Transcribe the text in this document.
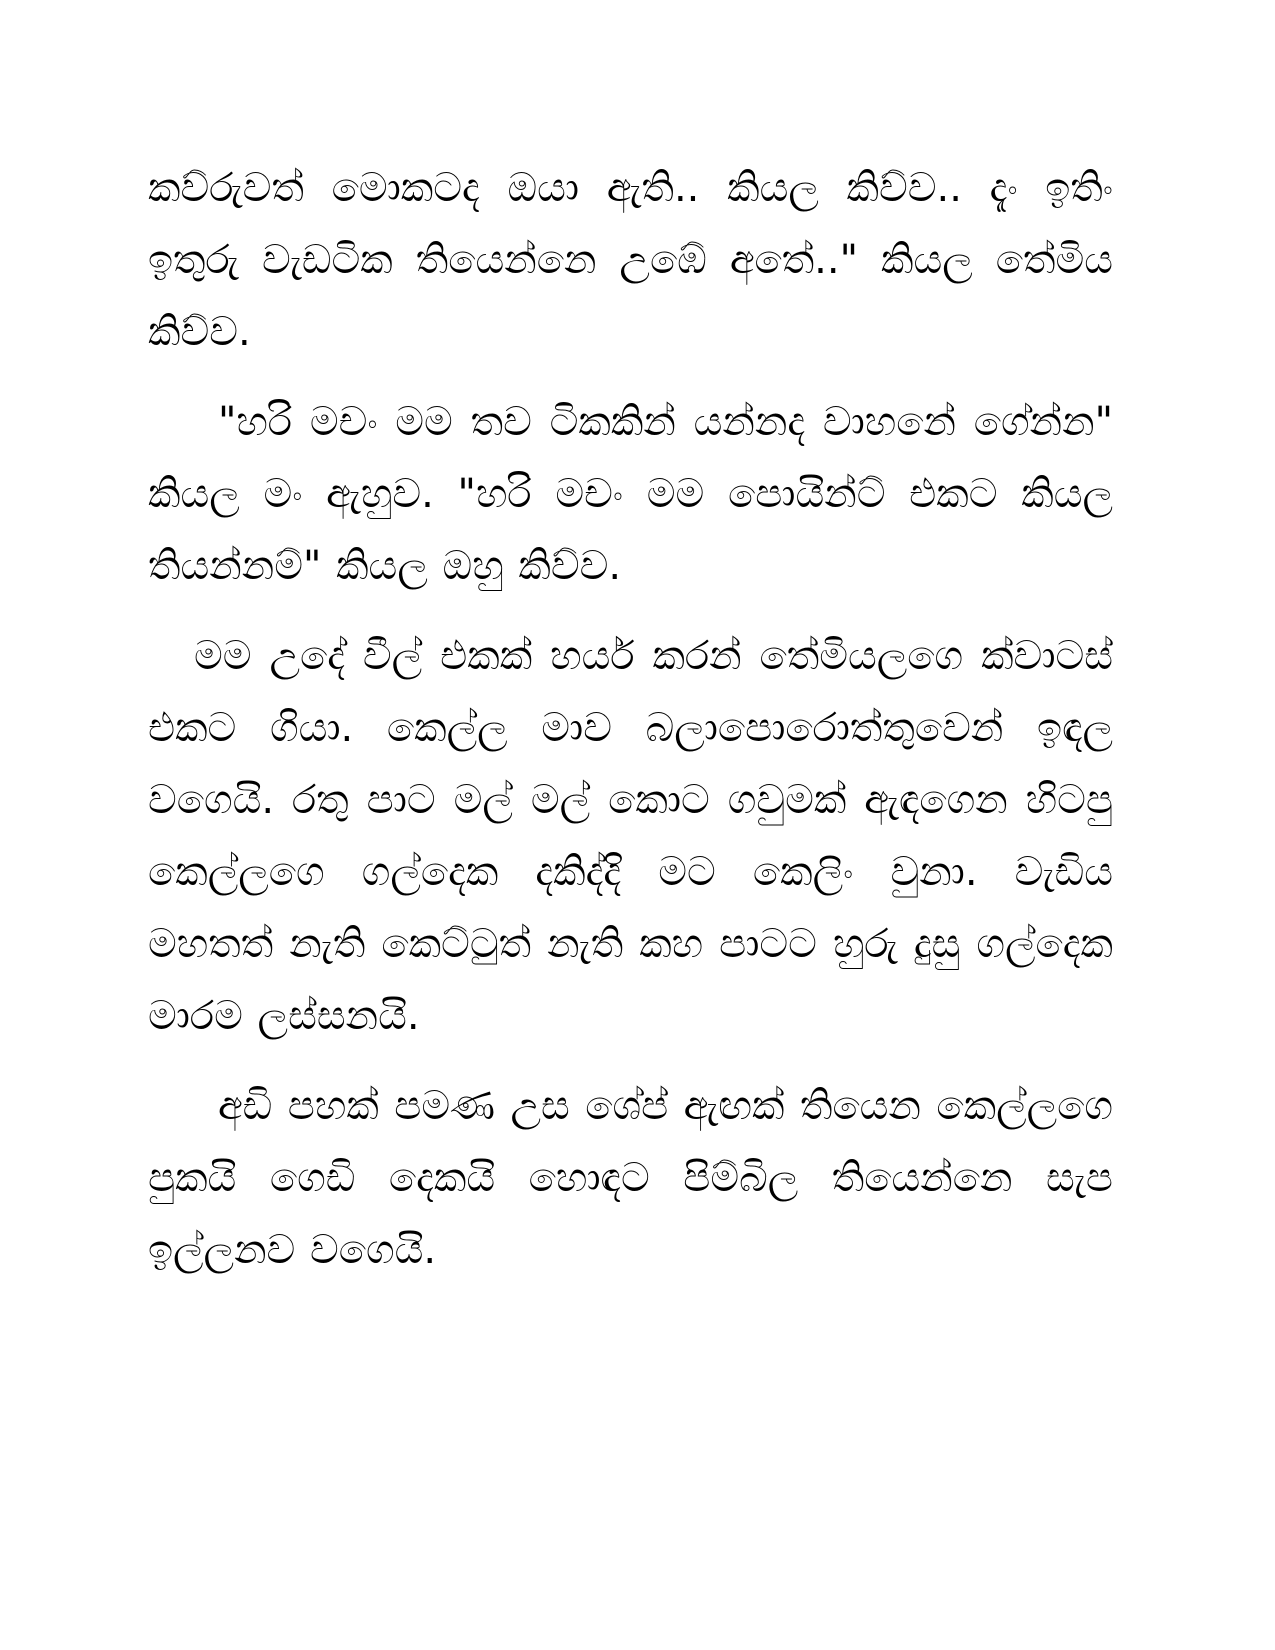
කව්රුවත් මොකටද ඔයා ඇති.. කියල කිව්ව.. දැං ඉතිං ඉතුරු වැඩටික තියෙන්නෙ උඹේ අතේ.." කියල තේමිය කිව්ව.

"හරි මචං මම තව ටිකකින් යන්නද වාහනේ ගේන්න" කියල මං ඇහුව. "හරි මචං මම පොයින්ට් එකට කියල තියන්නම්" කියල ඔහු කිව්ව.

මම උදේ වීල් එකක් හයර් කරන් තේමියලගෙ ක්වාටස් එකට ගියා. කෙල්ල මාව බලාපොරොත්තුවෙන් ඉඳල වගෙයි. රතු පාට මල් මල් කොට ගවුමක් ඇඳගෙන හිටපු කෙල්ලගෙ ගල්දෙක දකිද්දි මට කෙලිං වුනා. වැඩිය මහතත් නැති කෙට්ටුත් නැති කහ පාටට හුරු දුසු ගල්දෙක මාරම ලස්සනයි.

අඩි පහක් පමණ උස ශේප් ඇඟක් තියෙන කෙල්ලගෙ පුකයි ගෙඩි දෙකයි හොඳට පිම්බිල තියෙන්නෙ සැප ඉල්ලනව වගෙයි.
